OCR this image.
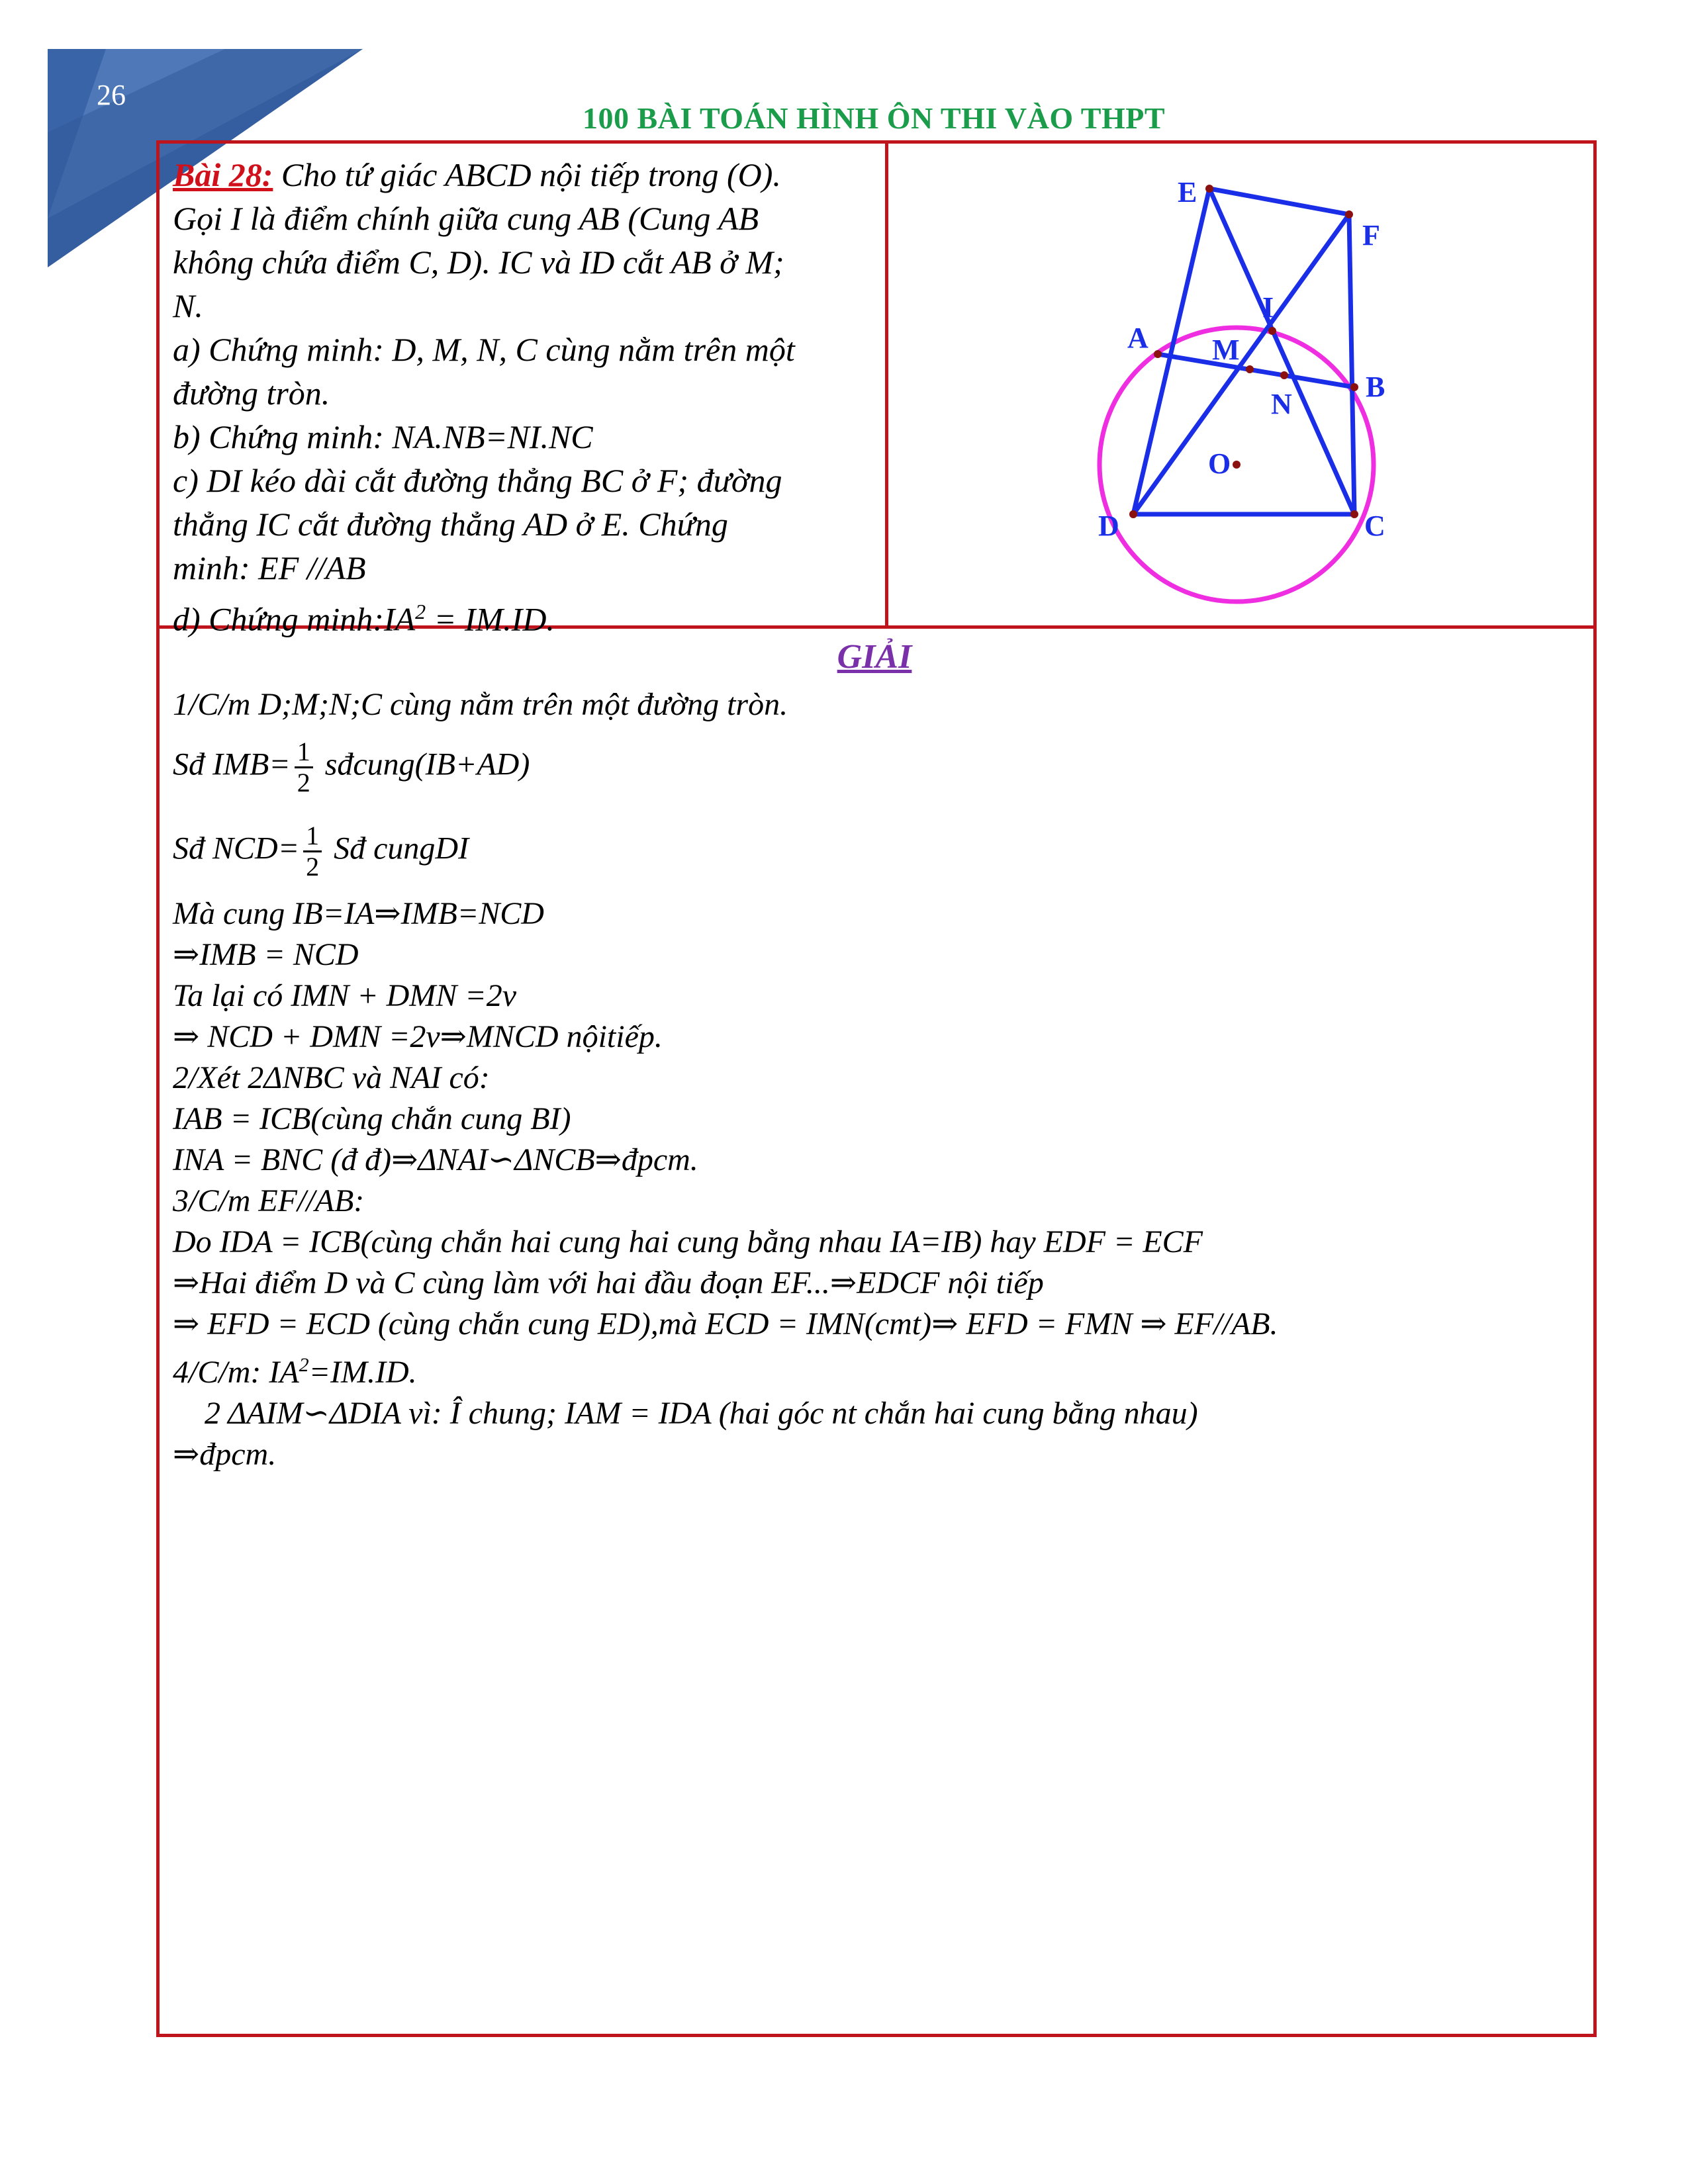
26
100 BÀI TOÁN HÌNH ÔN THI VÀO THPT
Bài 28: Cho tứ giác ABCD nội tiếp trong (O).
Gọi I là điểm chính giữa cung AB (Cung AB
không chứa điểm C, D). IC và ID cắt AB ở M;
N.
a) Chứng minh: D, M, N, C cùng nằm trên một
đường tròn.
b) Chứng minh: NA.NB=NI.NC
c) DI kéo dài cắt đường thẳng BC ở F; đường
thẳng IC cắt đường thẳng AD ở E. Chứng
minh: EF //AB
d) Chứng $\min h:IA^2 = IM.ID$.
E
F
I
A M
B
N
O
D	C
GIẢI
1/C/m D;M;N;C cùng nằm trên một đường tròn.
Sđ $IMB= \frac{1}{2}$ sđcung(IB+AD)
Sđ $NCD= \frac{1}{2}$ Sđ cungDI
Mà cung IB=IA⇒IMB=NCD
⇒IMB = NCD
Ta lại có IMN + DMN =2v
⇒ NCD + DMN =2v⇒MNCD nộitiếp.
2/Xét 2ΔNBC và NAI có:
IAB = ICB(cùng chắn cung BI)
INA = BNC (đ đ)⇒ΔNAI∽ΔNCB⇒đpcm.
3/C/m EF//AB:
Do IDA = ICB(cùng chắn hai cung hai cung bằng nhau IA=IB) hay EDF = ECF
⇒Hai điểm D và C cùng làm với hai đầu đoạn EF...⇒EDCF nội tiếp
⇒ EFD = ECD (cùng chắn cung ED),mà ECD = IMN(cmt)⇒ EFD = FMN ⇒ EF//AB.
4/C/m: $IA^2=IM.ID$.
2 ΔAIM∽ΔDIA vì: Î chung; IAM = IDA (hai góc nt chắn hai cung bằng nhau)
⇒đpcm.
